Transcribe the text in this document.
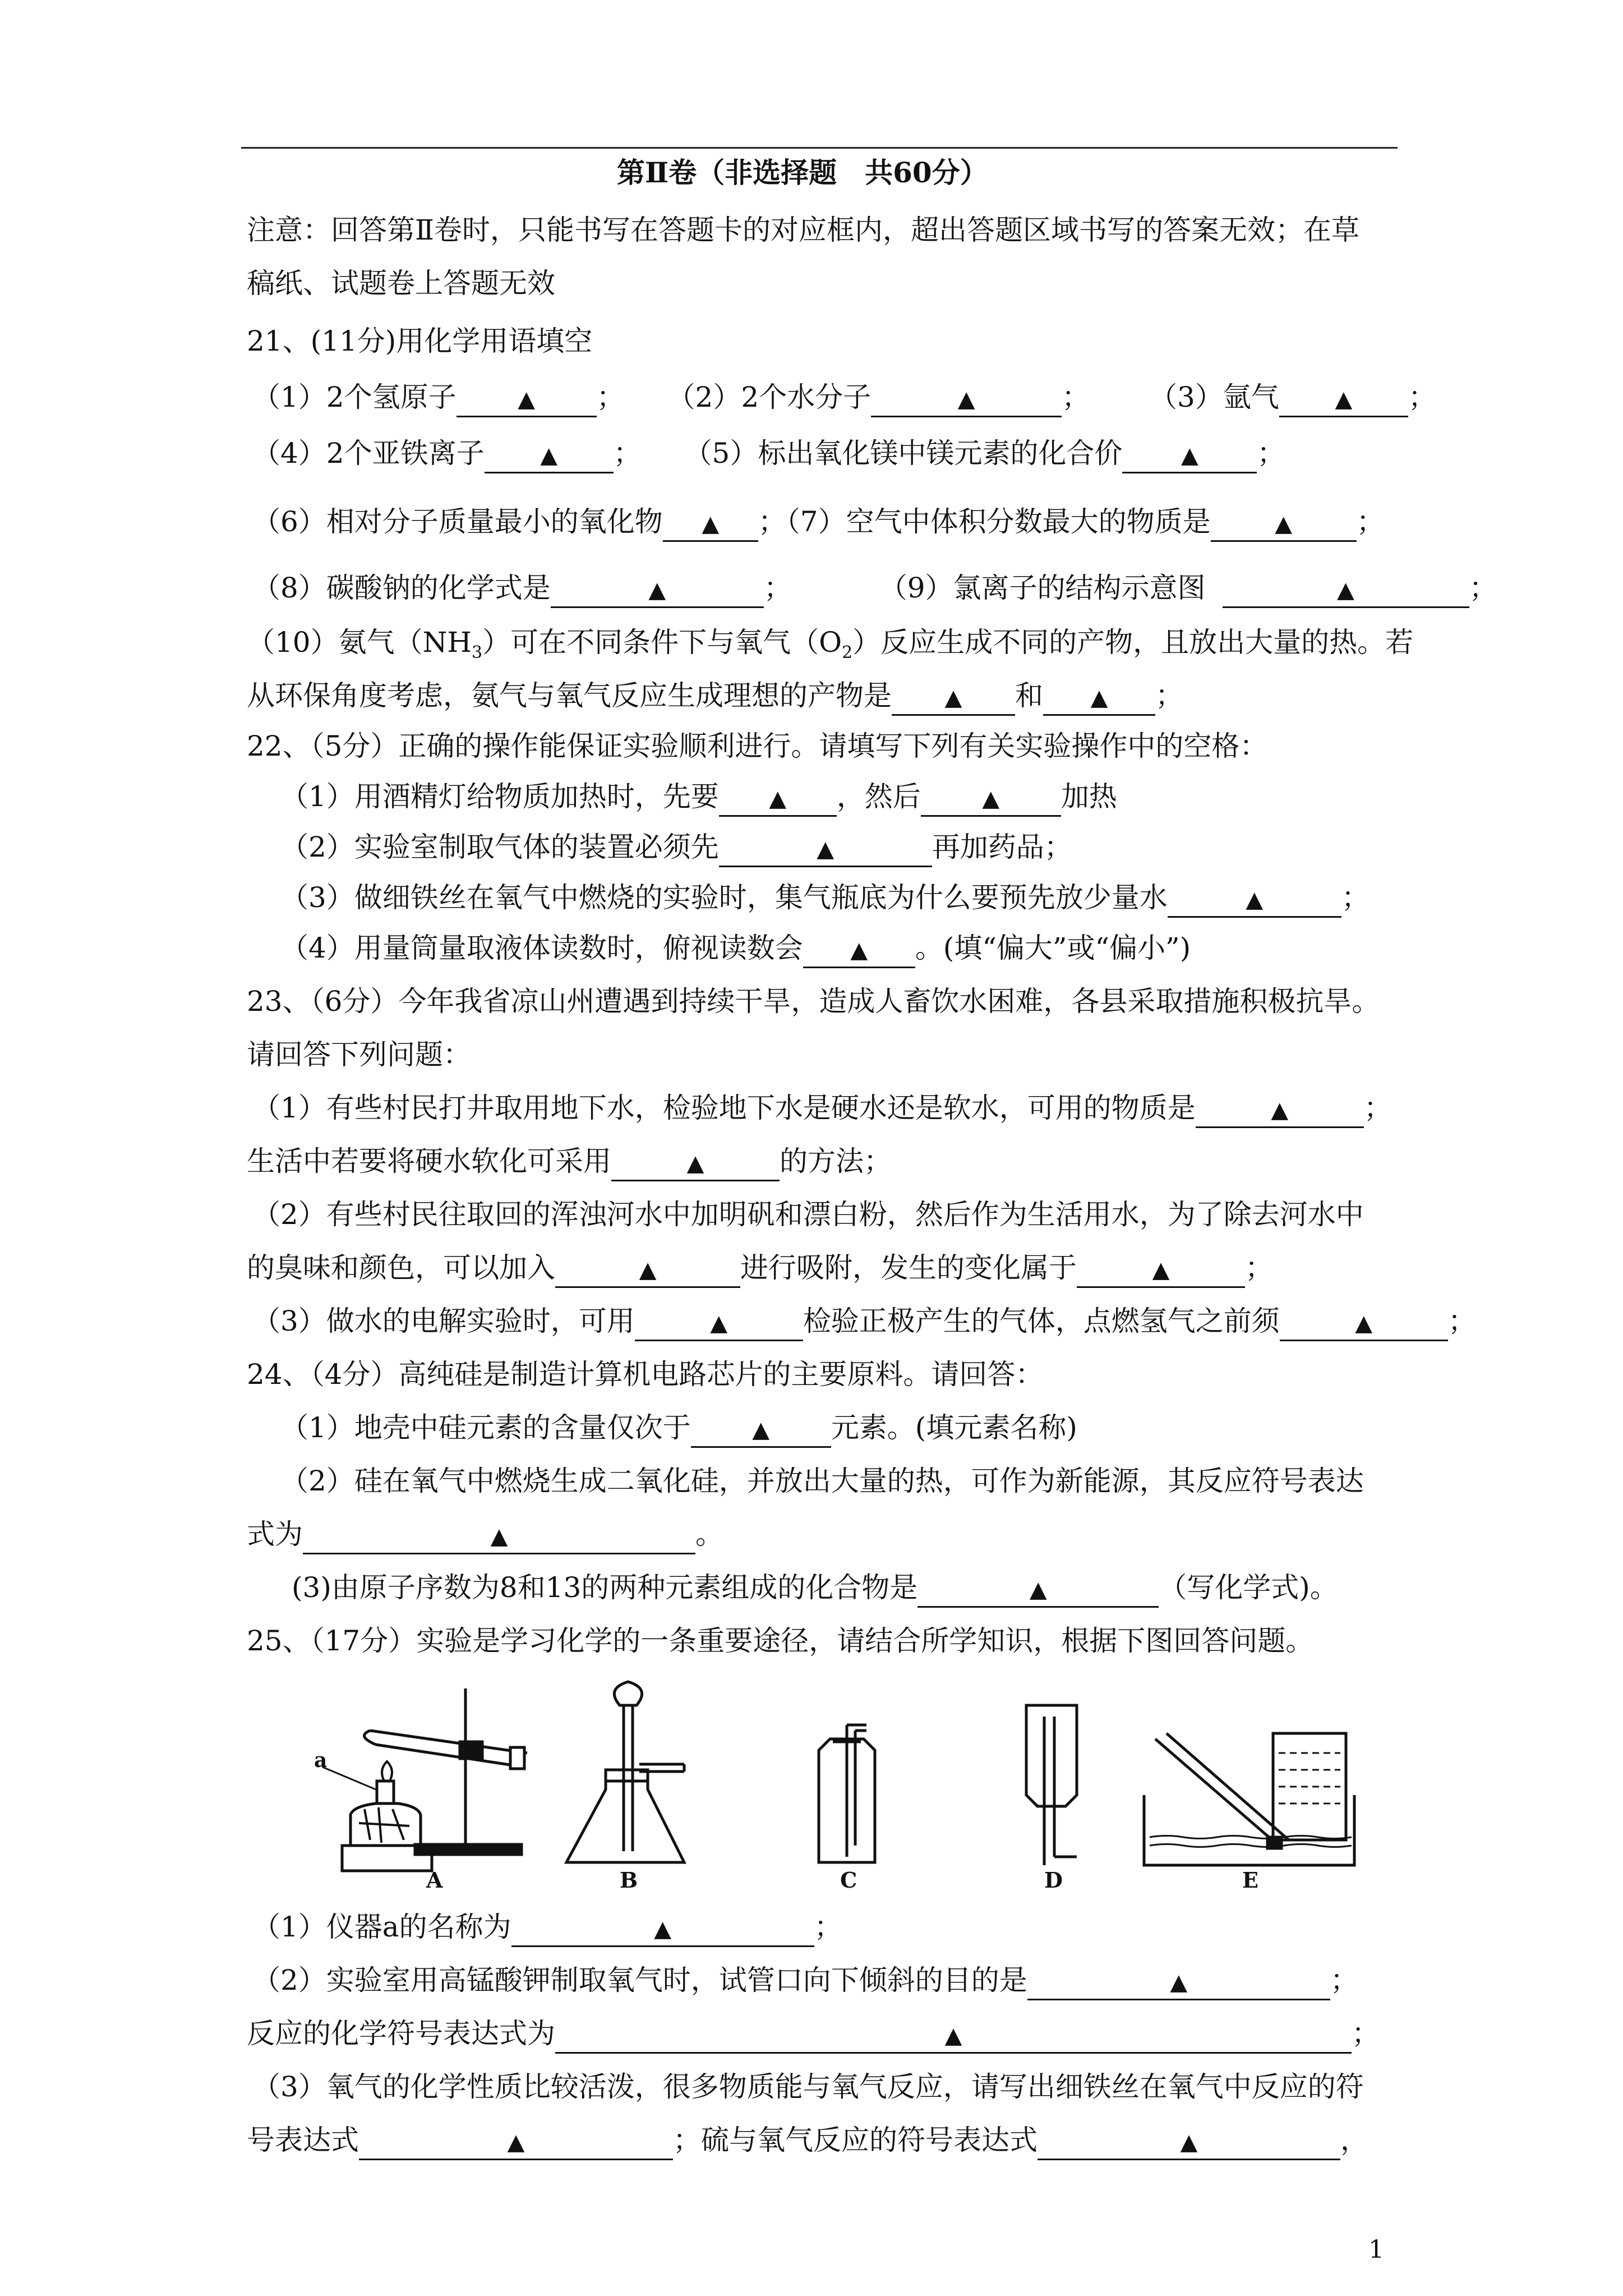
第Ⅱ卷（非选择题　共60分）
注意：回答第Ⅱ卷时，只能书写在答题卡的对应框内，超出答题区域书写的答案无效；在草
稿纸、试题卷上答题无效
21、(11分)用化学用语填空
（1）2个氢原子	▲ ； （2）2个水分子	▲	； （3）氩气 ▲ ；
（4）2个亚铁离子 ▲ ； （5）标出氧化镁中镁元素的化合价	▲ ；
（6）相对分子质量最小的氧化物 ▲ ；（7）空气中体积分数最大的物质是	▲ ；
（8）碳酸钠的化学式是	▲	；	（9）氯离子的结构示意图	▲	；
（10）氨气$(NH_3)$可在不同条件下与氧气$(O_2)$反应生成不同的产物，且放出大量的热。若
从环保角度考虑，氨气与氧气反应生成理想的产物是 ▲ 和 ▲ ；
22、（5分）正确的操作能保证实验顺利进行。请填写下列有关实验操作中的空格：
（1）用酒精灯给物质加热时，先要 ▲ ，然后	▲ 加热
（2）实验室制取气体的装置必须先	▲	再加药品；
（3）做细铁丝在氧气中燃烧的实验时，集气瓶底为什么要预先放少量水	▲	；
（4）用量筒量取液体读数时，俯视读数会 ▲ 。(填“偏大”或“偏小”)
23、（6分）今年我省凉山州遭遇到持续干旱，造成人畜饮水困难，各县采取措施积极抗旱。
请回答下列问题：
（1）有些村民打井取用地下水，检验地下水是硬水还是软水，可用的物质是	▲	；
生活中若要将硬水软化可采用	▲	的方法；
（2）有些村民往取回的浑浊河水中加明矾和漂白粉，然后作为生活用水，为了除去河水中
的臭味和颜色，可以加入	▲	进行吸附，发生的变化属于	▲	；
（3）做水的电解实验时，可用	▲	检验正极产生的气体，点燃氢气之前须	▲	；
24、（4分）高纯硅是制造计算机电路芯片的主要原料。请回答：
（1）地壳中硅元素的含量仅次于	▲ 元素。(填元素名称)
（2）硅在氧气中燃烧生成二氧化硅，并放出大量的热，可作为新能源，其反应符号表达
式为	▲	。
(3)由原子序数为8和13的两种元素组成的化合物是	▲	（写化学式)。
25、（17分）实验是学习化学的一条重要途径，请结合所学知识，根据下图回答问题。
a
A	B	C	D	E
（1）仪器a的名称为	▲	；
（2）实验室用高锰酸钾制取氧气时，试管口向下倾斜的目的是	▲	；
反应的化学符号表达式为	▲	；
（3）氧气的化学性质比较活泼，很多物质能与氧气反应，请写出细铁丝在氧气中反应的符
号表达式	▲	；硫与氧气反应的符号表达式	▲	，
1
